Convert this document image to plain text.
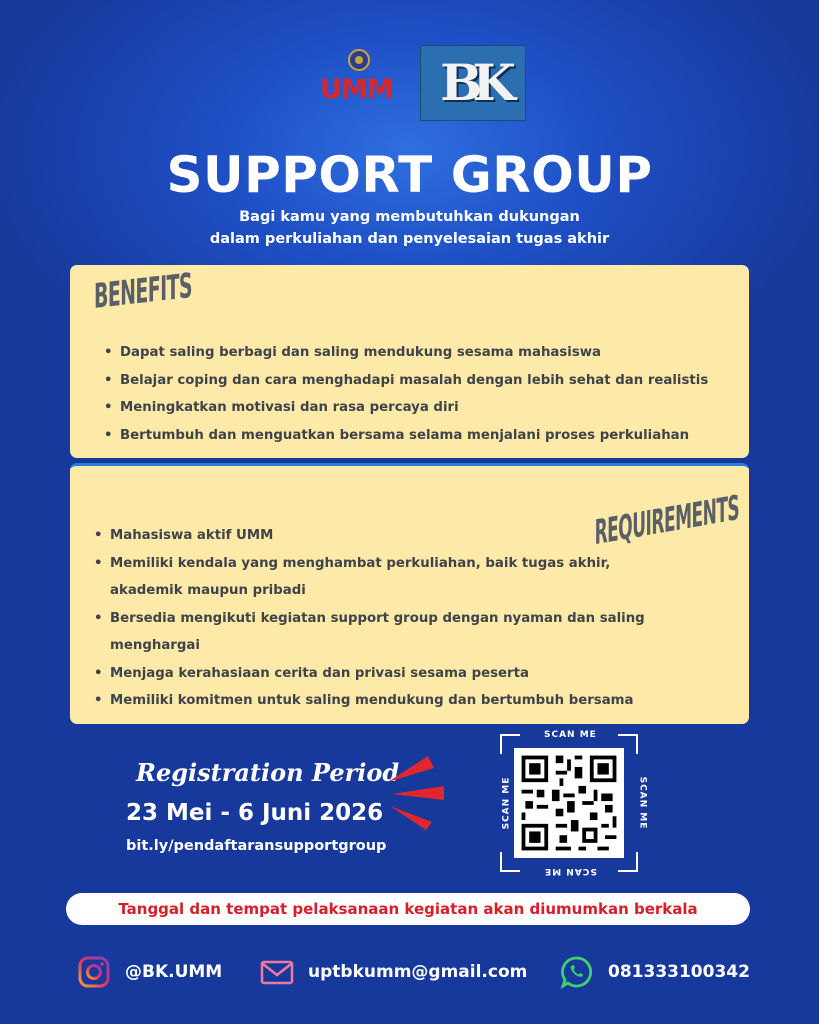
UMM BK
SUPPORT GROUP
Bagi kamu yang membutuhkan dukungan
dalam perkuliahan dan penyelesaian tugas akhir
BENEFITS
• Dapat saling berbagi dan saling mendukung sesama mahasiswa
• Belajar coping dan cara menghadapi masalah dengan lebih sehat dan realistis
• Meningkatkan motivasi dan rasa percaya diri
• Bertumbuh dan menguatkan bersama selama menjalani proses perkuliahan
REQUIREMENTS
• Mahasiswa aktif UMM
• Memiliki kendala yang menghambat perkuliahan, baik tugas akhir, akademik maupun pribadi
• Bersedia mengikuti kegiatan support group dengan nyaman dan saling menghargai
• Menjaga kerahasiaan cerita dan privasi sesama peserta
• Memiliki komitmen untuk saling mendukung dan bertumbuh bersama
Registration Period
23 Mei - 6 Juni 2026
bit.ly/pendaftaransupportgroup
SCAN ME
SCAN ME
SCAN ME	SCAN ME
Tanggal dan tempat pelaksanaan kegiatan akan diumumkan berkala
@BK.UMM	uptbkumm@gmail.com	081333100342
